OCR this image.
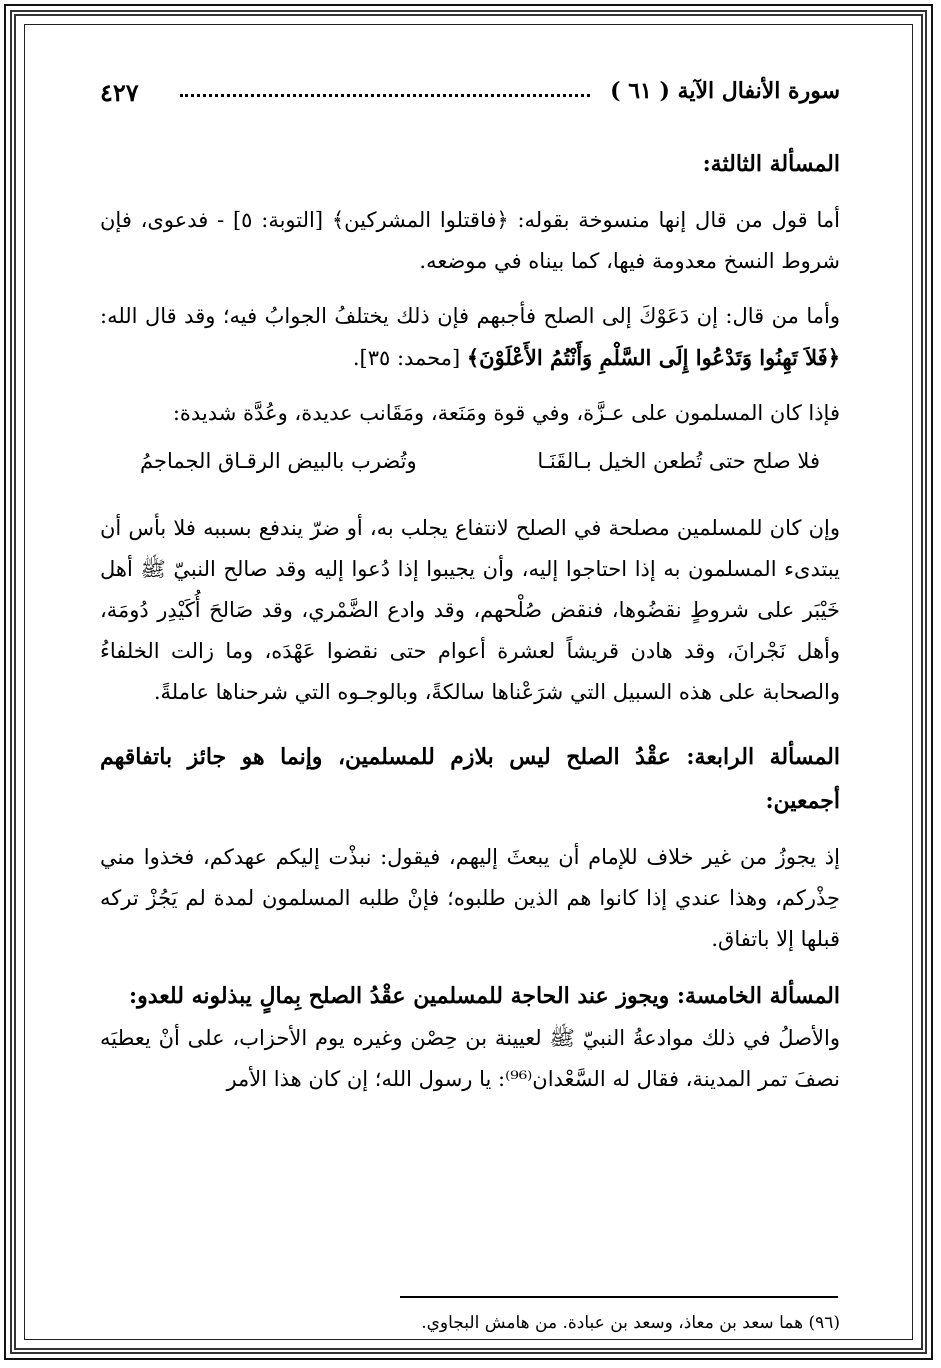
سورة الأنفال الآية ( ٦١ )
٤٢٧

المسألة الثالثة:

أما قول من قال إنها منسوخة بقوله: ﴿فاقتلوا المشركين﴾ [التوبة: ٥] - فدعوى، فإن شروط النسخ معدومة فيها، كما بيناه في موضعه.

وأما من قال: إن دَعَوْكَ إلى الصلح فأجبهم فإن ذلك يختلفُ الجوابُ فيه؛ وقد قال الله: ﴿فَلاَ تَهِنُوا وَتَدْعُوا إِلَى السَّلْمِ وَأَنْتُمُ الأَعْلَوْنَ﴾ [محمد: ٣٥].

فإذا كان المسلمون على عـزَّة، وفي قوة ومَنَعة، ومَقَانب عديدة، وعُدَّة شديدة:

فلا صلح حتى تُطعن الخيل بـالقَنَـا
وتُضرب بالبيض الرقـاق الجماجمُ

وإن كان للمسلمين مصلحة في الصلح لانتفاع يجلب به، أو ضرّ يندفع بسببه فلا بأس أن يبتدىء المسلمون به إذا احتاجوا إليه، وأن يجيبوا إذا دُعوا إليه وقد صالح النبيّ ﷺ أهل خَيْبَر على شروطٍ نقضُوها، فنقض صُلْحهم، وقد وادع الضَّمْري، وقد صَالحَ أُكَيْدِر دُومَة، وأهل نَجْرانَ، وقد هادن قريشاً لعشرة أعوام حتى نقضوا عَهْدَه، وما زالت الخلفاءُ والصحابة على هذه السبيل التي شرَعْناها سالكةً، وبالوجـوه التي شرحناها عاملةً.

المسألة الرابعة: عقْدُ الصلح ليس بلازم للمسلمين، وإنما هو جائز باتفاقهم أجمعين:

إذ يجوزُ من غير خلاف للإمام أن يبعثَ إليهم، فيقول: نبذْت إليكم عهدكم، فخذوا مني حِذْركم، وهذا عندي إذا كانوا هم الذين طلبوه؛ فإنْ طلبه المسلمون لمدة لم يَجُزْ تركه قبلها إلا باتفاق.

المسألة الخامسة: ويجوز عند الحاجة للمسلمين عقْدُ الصلح بِمالٍ يبذلونه للعدو:

والأصلُ في ذلك موادعةُ النبيّ ﷺ لعيينة بن حِصْن وغيره يوم الأحزاب، على أنْ يعطيَه نصفَ تمر المدينة، فقال له السَّعْدان⁽⁹⁶⁾: يا رسول الله؛ إن كان هذا الأمر

(٩٦) هما سعد بن معاذ، وسعد بن عبادة. من هامش البجاوي.
